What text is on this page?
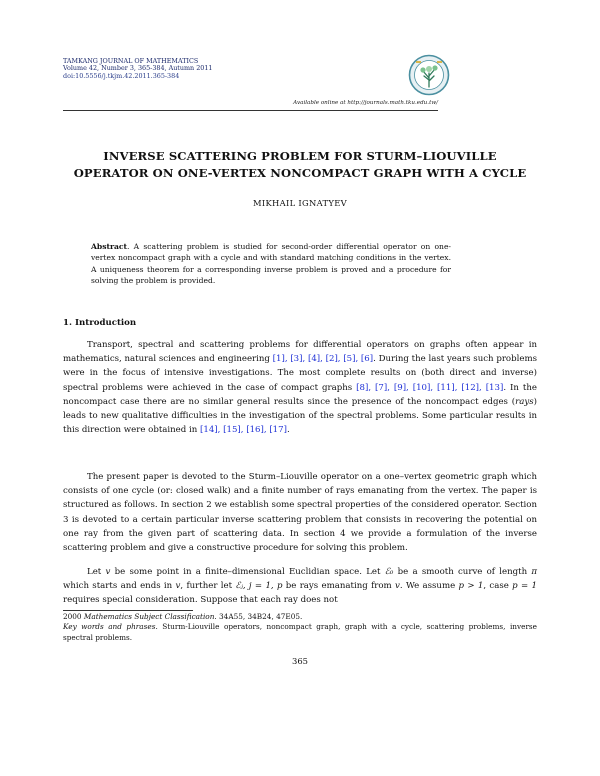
TAMKANG JOURNAL OF MATHEMATICS
Volume 42, Number 3, 365-384, Autumn 2011
doi:10.5556/j.tkjm.42.2011.365-384
Available online at http://journals.math.tku.edu.tw/
INVERSE SCATTERING PROBLEM FOR STURM–LIOUVILLE
OPERATOR ON ONE-VERTEX NONCOMPACT GRAPH WITH A CYCLE
MIKHAIL IGNATYEV
Abstract. A scattering problem is studied for second-order differential operator on one-vertex noncompact graph with a cycle and with standard matching conditions in the vertex. A uniqueness theorem for a corresponding inverse problem is proved and a procedure for solving the problem is provided.
1. Introduction

Transport, spectral and scattering problems for differential operators on graphs often appear in mathematics, natural sciences and engineering [1], [3], [4], [2], [5], [6]. During the last years such problems were in the focus of intensive investigations. The most complete results on (both direct and inverse) spectral problems were achieved in the case of compact graphs [8], [7], [9], [10], [11], [12], [13]. In the noncompact case there are no similar general results since the presence of the noncompact edges (rays) leads to new qualitative difficulties in the investigation of the spectral problems. Some particular results in this direction were obtained in [14], [15], [16], [17].

The present paper is devoted to the Sturm–Liouville operator on a one–vertex geometric graph which consists of one cycle (or: closed walk) and a finite number of rays emanating from the vertex. The paper is structured as follows. In section 2 we establish some spectral properties of the considered operator. Section 3 is devoted to a certain particular inverse scattering problem that consists in recovering the potential on one ray from the given part of scattering data. In section 4 we provide a formulation of the inverse scattering problem and give a constructive procedure for solving this problem.

Let v be some point in a finite–dimensional Euclidian space. Let ℰ₀ be a smooth curve of length π which starts and ends in v, further let ℰⱼ, j = 1, p be rays emanating from v. We assume p > 1, case p = 1 requires special consideration. Suppose that each ray does not

2000 Mathematics Subject Classification. 34A55, 34B24, 47E05.
Key words and phrases. Sturm-Liouville operators, noncompact graph, graph with a cycle, scattering problems, inverse spectral problems.
365
